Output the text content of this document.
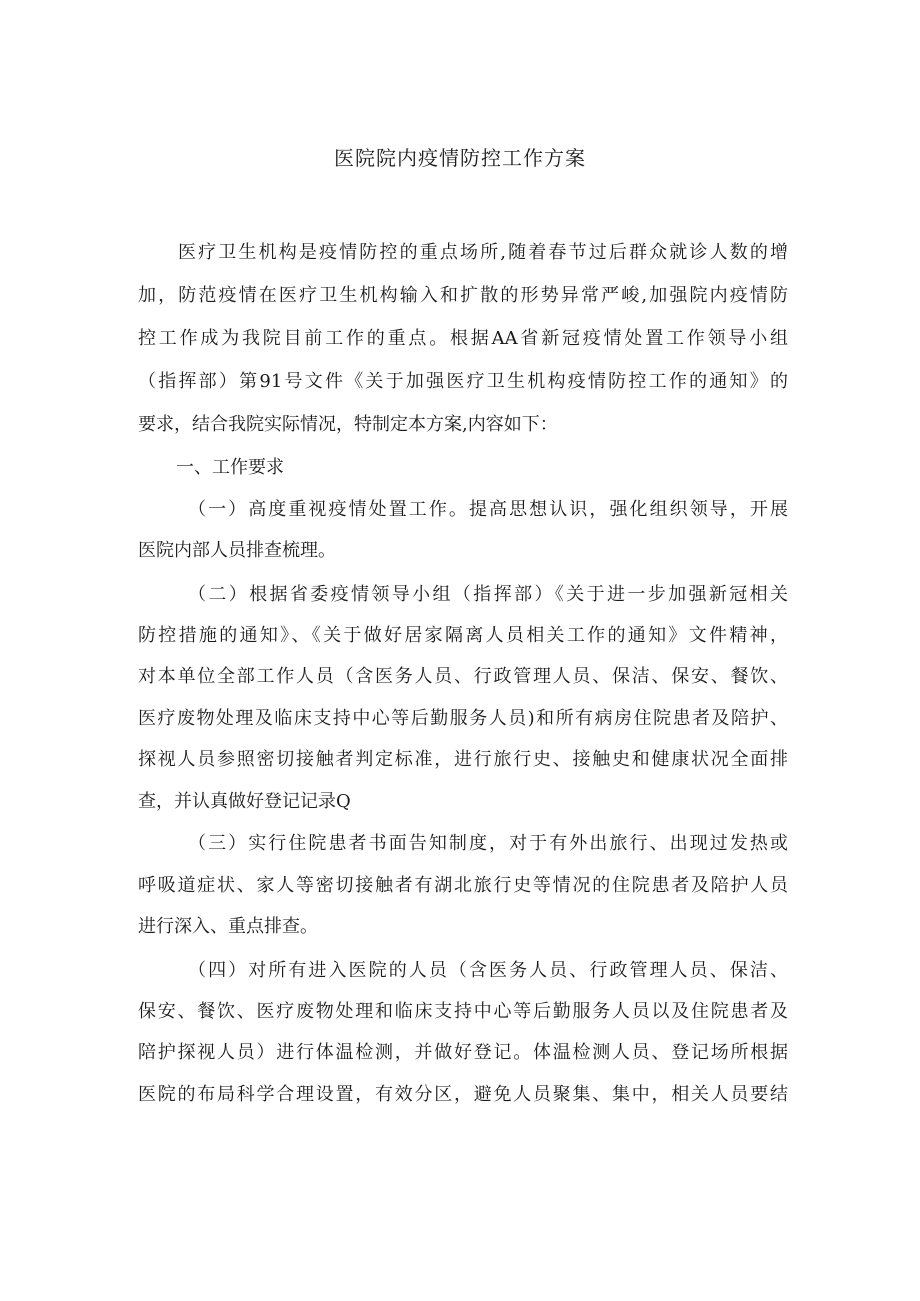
医院院内疫情防控工作方案
医疗卫生机构是疫情防控的重点场所,随着春节过后群众就诊人数的增
加，防范疫情在医疗卫生机构输入和扩散的形势异常严峻,加强院内疫情防
控工作成为我院目前工作的重点。根据AA省新冠疫情处置工作领导小组
（指挥部）第91号文件《关于加强医疗卫生机构疫情防控工作的通知》的
要求，结合我院实际情况，特制定本方案,内容如下：
一、工作要求
（一）高度重视疫情处置工作。提高思想认识，强化组织领导，开展
医院内部人员排查梳理。
（二）根据省委疫情领导小组（指挥部）《关于进一步加强新冠相关
防控措施的通知》、《关于做好居家隔离人员相关工作的通知》文件精神，
对本单位全部工作人员（含医务人员、行政管理人员、保洁、保安、餐饮、
医疗废物处理及临床支持中心等后勤服务人员)和所有病房住院患者及陪护、
探视人员参照密切接触者判定标准，进行旅行史、接触史和健康状况全面排
查，并认真做好登记记录Q
（三）实行住院患者书面告知制度，对于有外出旅行、出现过发热或
呼吸道症状、家人等密切接触者有湖北旅行史等情况的住院患者及陪护人员
进行深入、重点排查。
（四）对所有进入医院的人员（含医务人员、行政管理人员、保洁、
保安、餐饮、医疗废物处理和临床支持中心等后勤服务人员以及住院患者及
陪护探视人员）进行体温检测，并做好登记。体温检测人员、登记场所根据
医院的布局科学合理设置，有效分区，避免人员聚集、集中，相关人员要结
